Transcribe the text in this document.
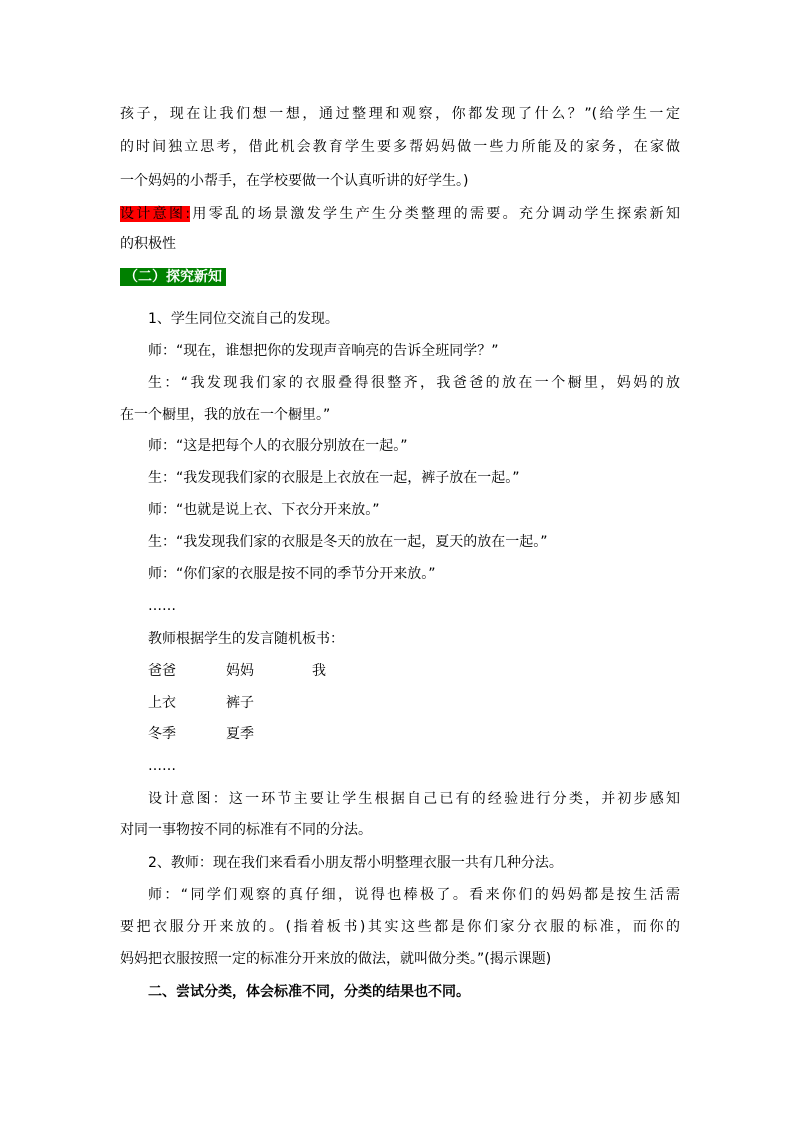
孩子，现在让我们想一想，通过整理和观察，你都发现了什么？”(给学生一定
的时间独立思考，借此机会教育学生要多帮妈妈做一些力所能及的家务，在家做
一个妈妈的小帮手，在学校要做一个认真听讲的好学生。)
设计意图:用零乱的场景激发学生产生分类整理的需要。充分调动学生探索新知
的积极性
（二）探究新知
1、学生同位交流自己的发现。
师：“现在，谁想把你的发现声音响亮的告诉全班同学？”
生：“我发现我们家的衣服叠得很整齐，我爸爸的放在一个橱里，妈妈的放
在一个橱里，我的放在一个橱里。”
师：“这是把每个人的衣服分别放在一起。”
生：“我发现我们家的衣服是上衣放在一起，裤子放在一起。”
师：“也就是说上衣、下衣分开来放。”
生：“我发现我们家的衣服是冬天的放在一起，夏天的放在一起。”
师：“你们家的衣服是按不同的季节分开来放。”
……
教师根据学生的发言随机板书：
爸爸	妈妈	我
上衣	裤子
冬季	夏季
……
设计意图：这一环节主要让学生根据自己已有的经验进行分类，并初步感知
对同一事物按不同的标准有不同的分法。
2、教师：现在我们来看看小朋友帮小明整理衣服一共有几种分法。
师：“同学们观察的真仔细，说得也棒极了。看来你们的妈妈都是按生活需
要把衣服分开来放的。(指着板书)其实这些都是你们家分衣服的标准，而你的
妈妈把衣服按照一定的标准分开来放的做法，就叫做分类。”(揭示课题)
二、尝试分类，体会标准不同，分类的结果也不同。
